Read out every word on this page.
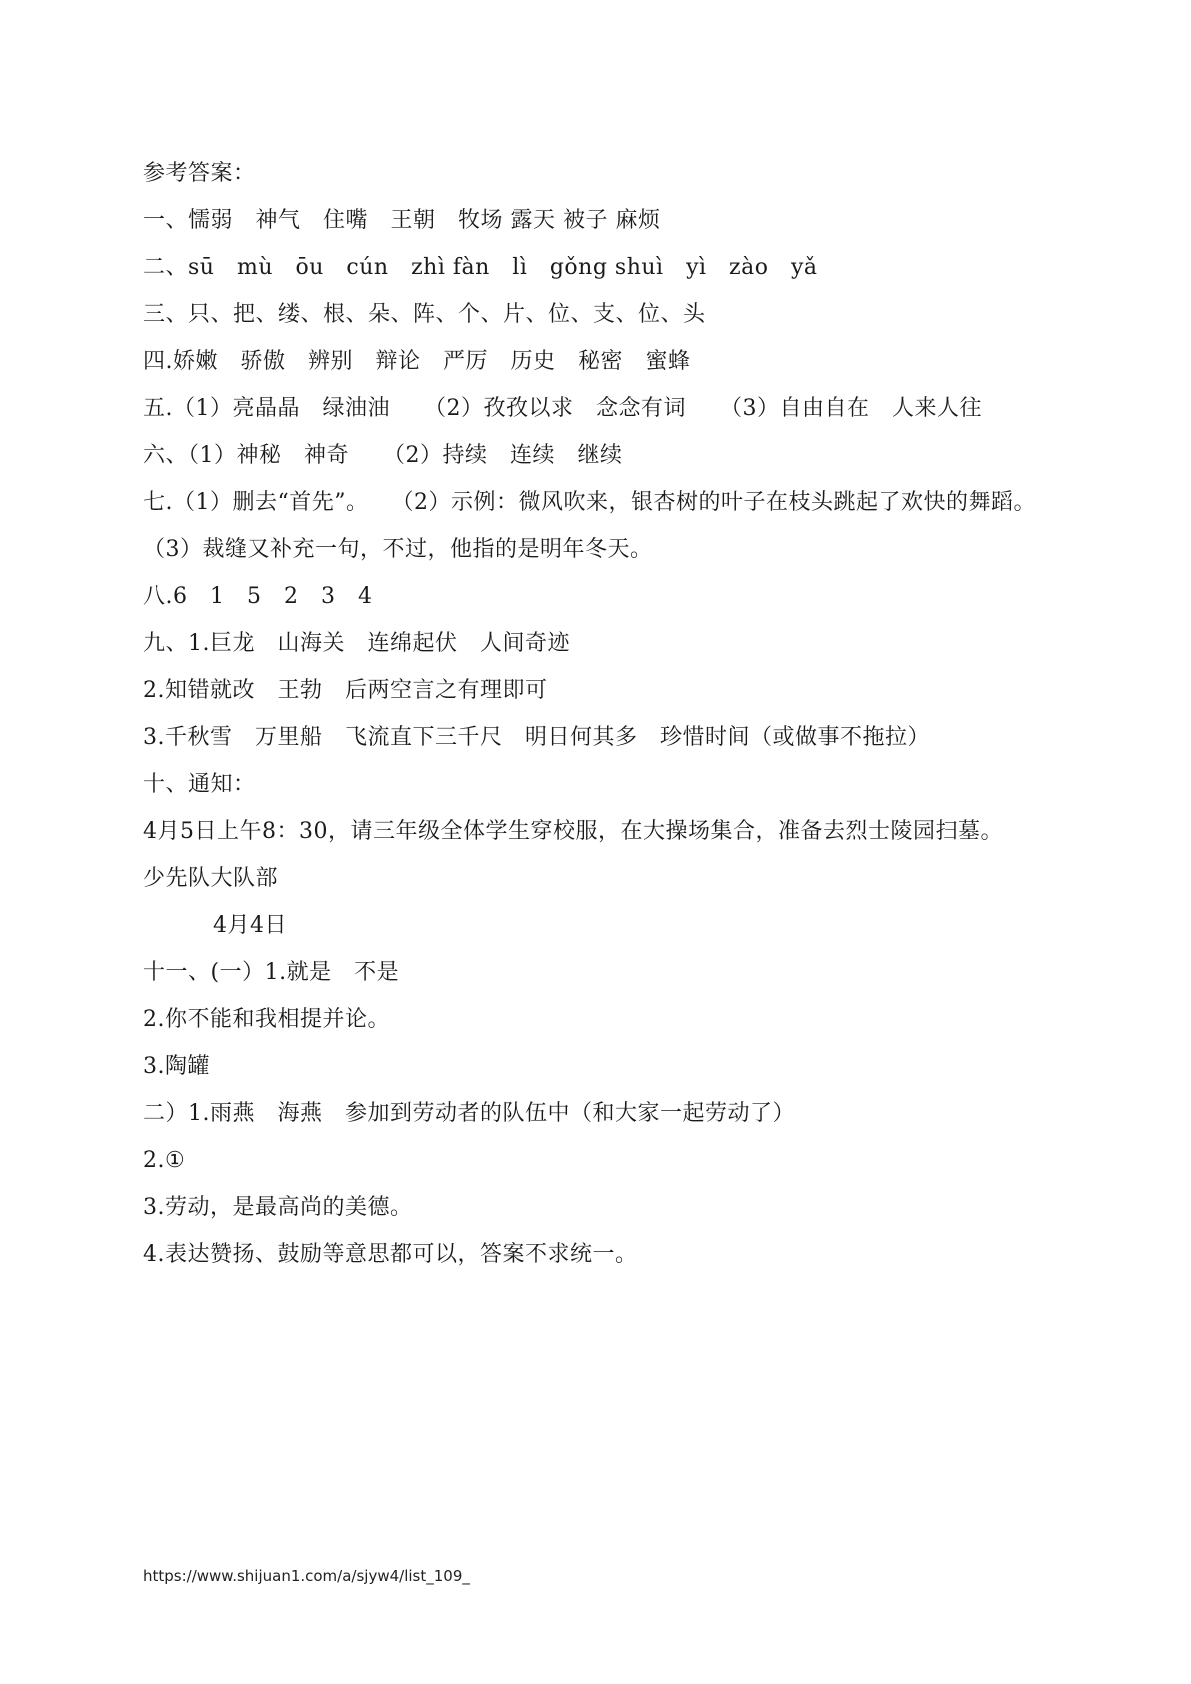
参考答案：
一、懦弱　神气　住嘴　王朝　牧场 露天 被子 麻烦
二、sū　mù　ōu　cún　zhì fàn　lì　gǒng shuì　yì　zào　yǎ
三、只、把、缕、根、朵、阵、个、片、位、支、位、头
四.娇嫩　骄傲　辨别　辩论　严厉　历史　秘密　蜜蜂
五.（1）亮晶晶　绿油油　　（2）孜孜以求　念念有词　　（3）自由自在　人来人往
六、（1）神秘　神奇　　（2）持续　连续　继续
七.（1）删去“首先”。　　（2）示例：微风吹来，银杏树的叶子在枝头跳起了欢快的舞蹈。　（3）裁缝又补充一句，不过，他指的是明年冬天。
八.6　1　5　2　3　4
九、1.巨龙　山海关　连绵起伏　人间奇迹
2.知错就改　王勃　后两空言之有理即可
3.千秋雪　万里船　飞流直下三千尺　明日何其多　珍惜时间（或做事不拖拉）
十、通知：
4月5日上午8：30，请三年级全体学生穿校服，在大操场集合，准备去烈士陵园扫墓。
少先队大队部
4月4日
十一、(一）1.就是　不是
2.你不能和我相提并论。
3.陶罐
二）1.雨燕　海燕　参加到劳动者的队伍中（和大家一起劳动了）
2.①
3.劳动，是最高尚的美德。
4.表达赞扬、鼓励等意思都可以，答案不求统一。
https://www.shijuan1.com/a/sjyw4/list_109_
